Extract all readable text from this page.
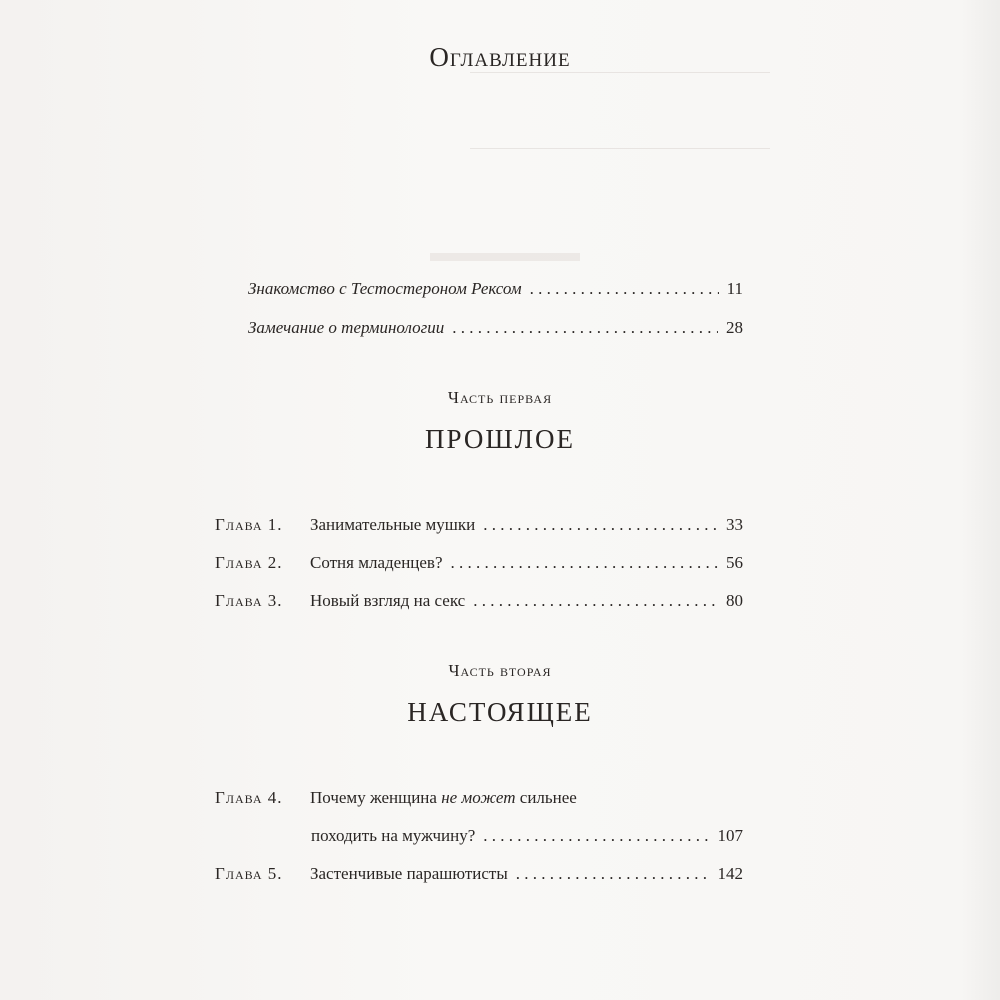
Оглавление
Знакомство с Тестостероном Рексом . . .	11
Замечание о терминологии . . .	28
Часть первая
ПРОШЛОЕ
Глава 1.	Занимательные мушки . . .	33
Глава 2.	Сотня младенцев? . . .	56
Глава 3.	Новый взгляд на секс . . .	80
Часть вторая
НАСТОЯЩЕЕ
Глава 4.	Почему женщина не может сильнее
походить на мужчину? . . .	107
Глава 5.	Застенчивые парашютисты . . .	142
